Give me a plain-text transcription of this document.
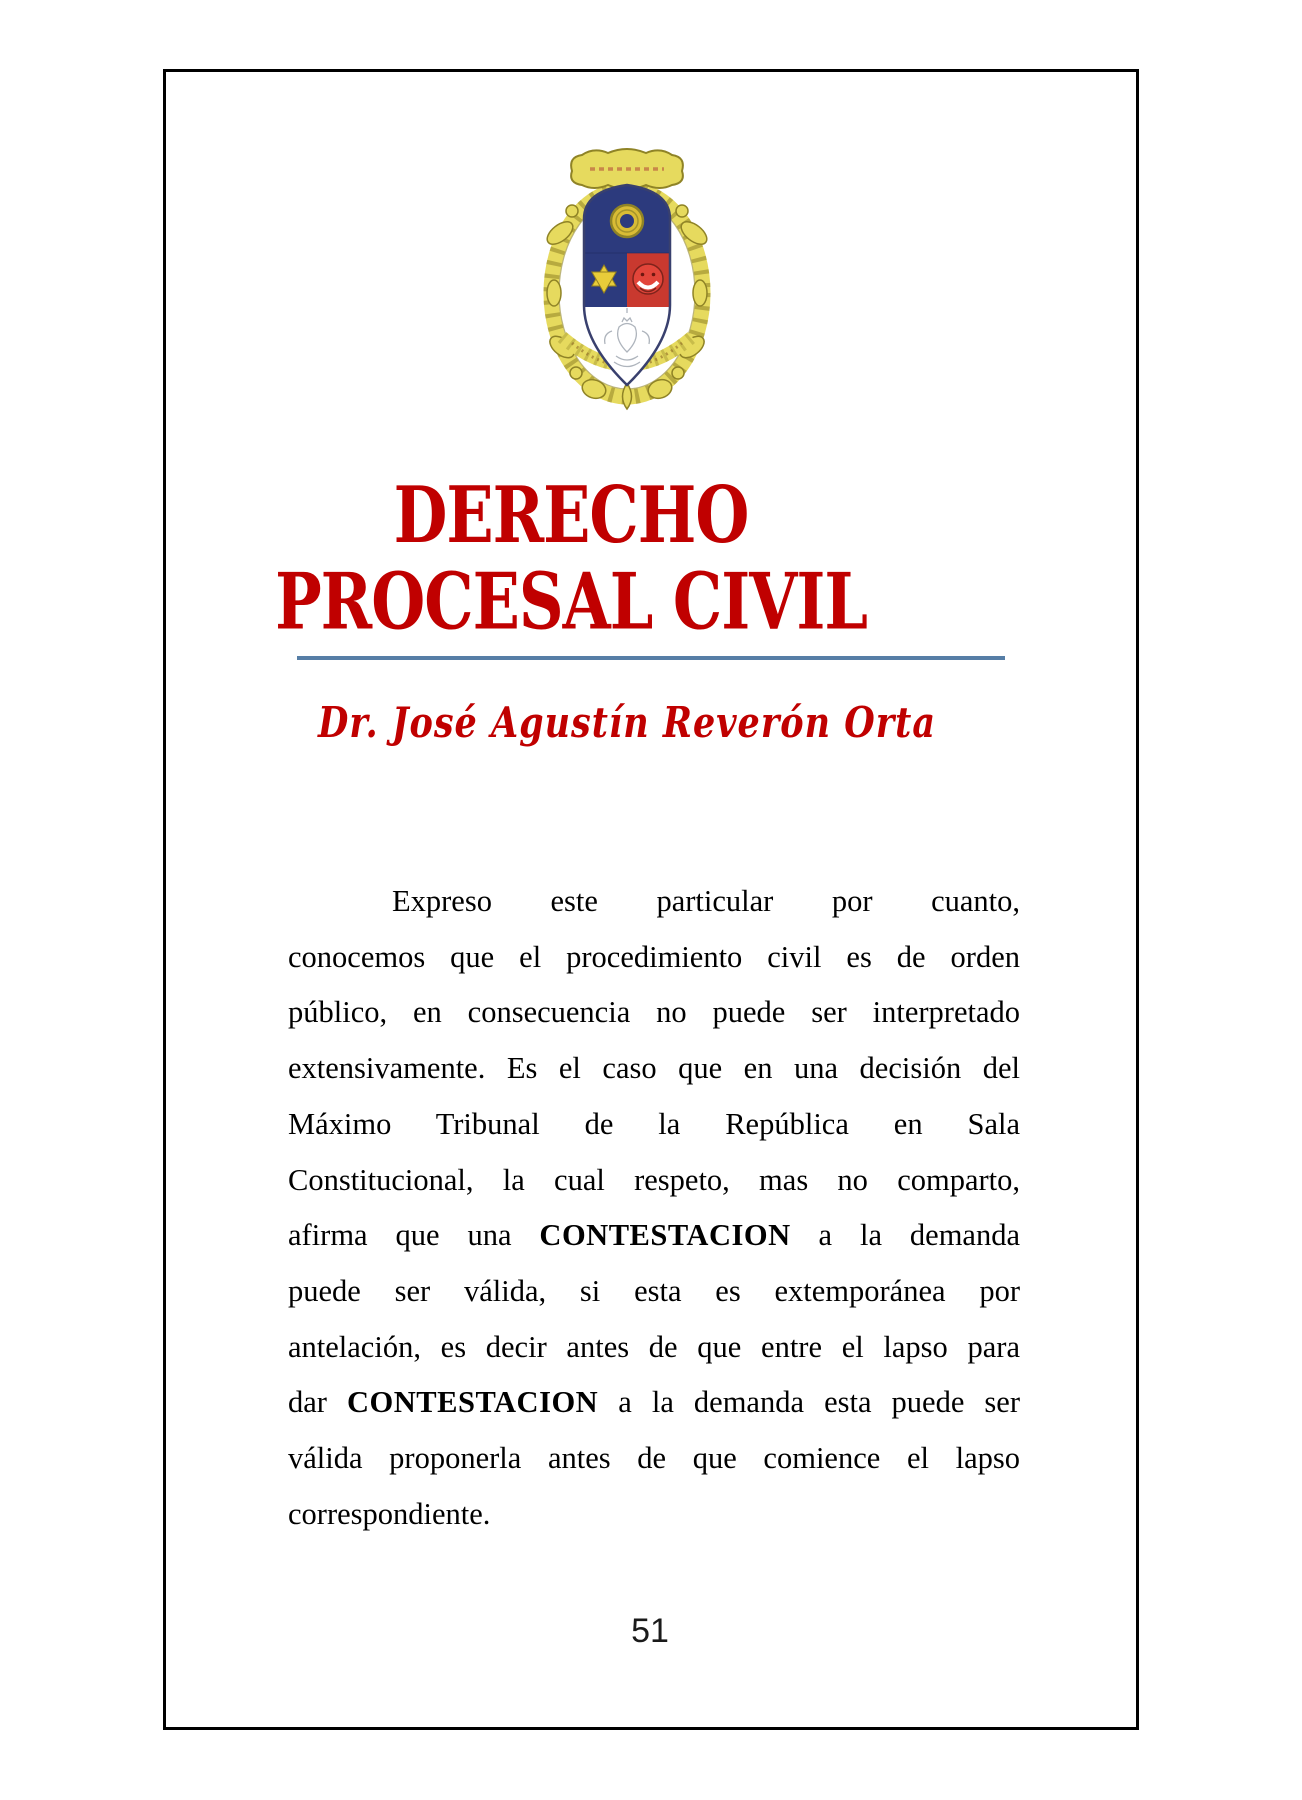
DERECHO
PROCESAL CIVIL
Dr. José Agustín Reverón Orta
Expreso este particular por cuanto,
conocemos que el procedimiento civil es de orden
público, en consecuencia no puede ser interpretado
extensivamente. Es el caso que en una decisión del
Máximo Tribunal de la República en Sala
Constitucional, la cual respeto, mas no comparto,
afirma que una CONTESTACION a la demanda
puede ser válida, si esta es extemporánea por
antelación, es decir antes de que entre el lapso para
dar CONTESTACION a la demanda esta puede ser
válida proponerla antes de que comience el lapso
correspondiente.
51
